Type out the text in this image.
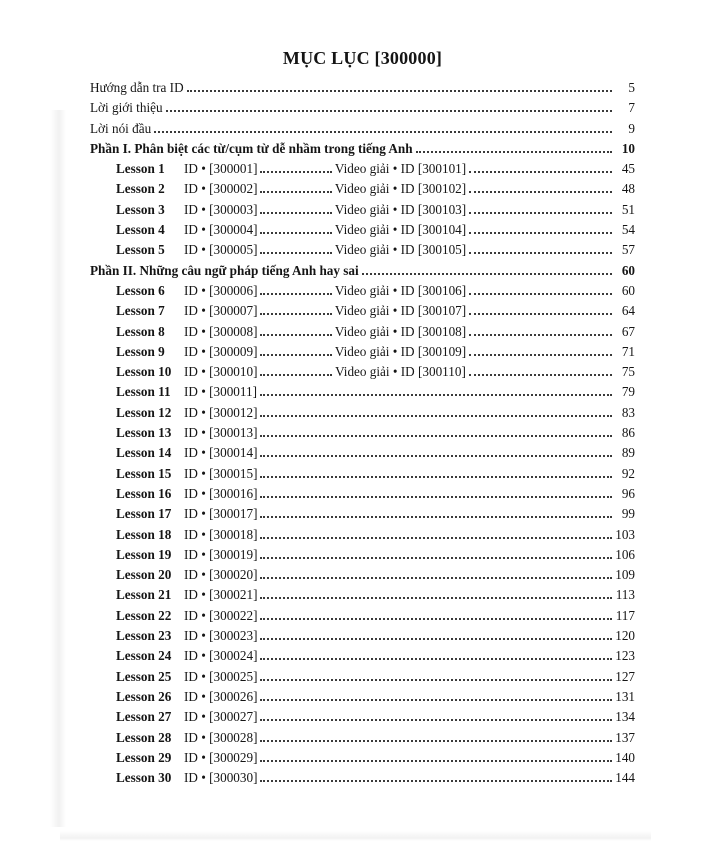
MỤC LỤC [300000]
Hướng dẫn tra ID	5
Lời giới thiệu	7
Lời nói đầu	9
Phần I. Phân biệt các từ/cụm từ dễ nhầm trong tiếng Anh	10
Lesson 1	ID • [300001]	Video giải • ID [300101]	45
Lesson 2	ID • [300002]	Video giải • ID [300102]	48
Lesson 3	ID • [300003]	Video giải • ID [300103]	51
Lesson 4	ID • [300004]	Video giải • ID [300104]	54
Lesson 5	ID • [300005]	Video giải • ID [300105]	57
Phần II. Những câu ngữ pháp tiếng Anh hay sai	60
Lesson 6	ID • [300006]	Video giải • ID [300106]	60
Lesson 7	ID • [300007]	Video giải • ID [300107]	64
Lesson 8	ID • [300008]	Video giải • ID [300108]	67
Lesson 9	ID • [300009]	Video giải • ID [300109]	71
Lesson 10 ID • [300010]	Video giải • ID [300110]	75
Lesson 11	ID • [300011]	79
Lesson 12 ID • [300012]	83
Lesson 13 ID • [300013]	86
Lesson 14 ID • [300014]	89
Lesson 15 ID • [300015]	92
Lesson 16 ID • [300016]	96
Lesson 17 ID • [300017]	99
Lesson 18 ID • [300018]	103
Lesson 19 ID • [300019]	106
Lesson 20 ID • [300020]	109
Lesson 21 ID • [300021]	113
Lesson 22 ID • [300022]	117
Lesson 23 ID • [300023]	120
Lesson 24 ID • [300024]	123
Lesson 25 ID • [300025]	127
Lesson 26 ID • [300026]	131
Lesson 27 ID • [300027]	134
Lesson 28 ID • [300028]	137
Lesson 29 ID • [300029]	140
Lesson 30 ID • [300030]	144
